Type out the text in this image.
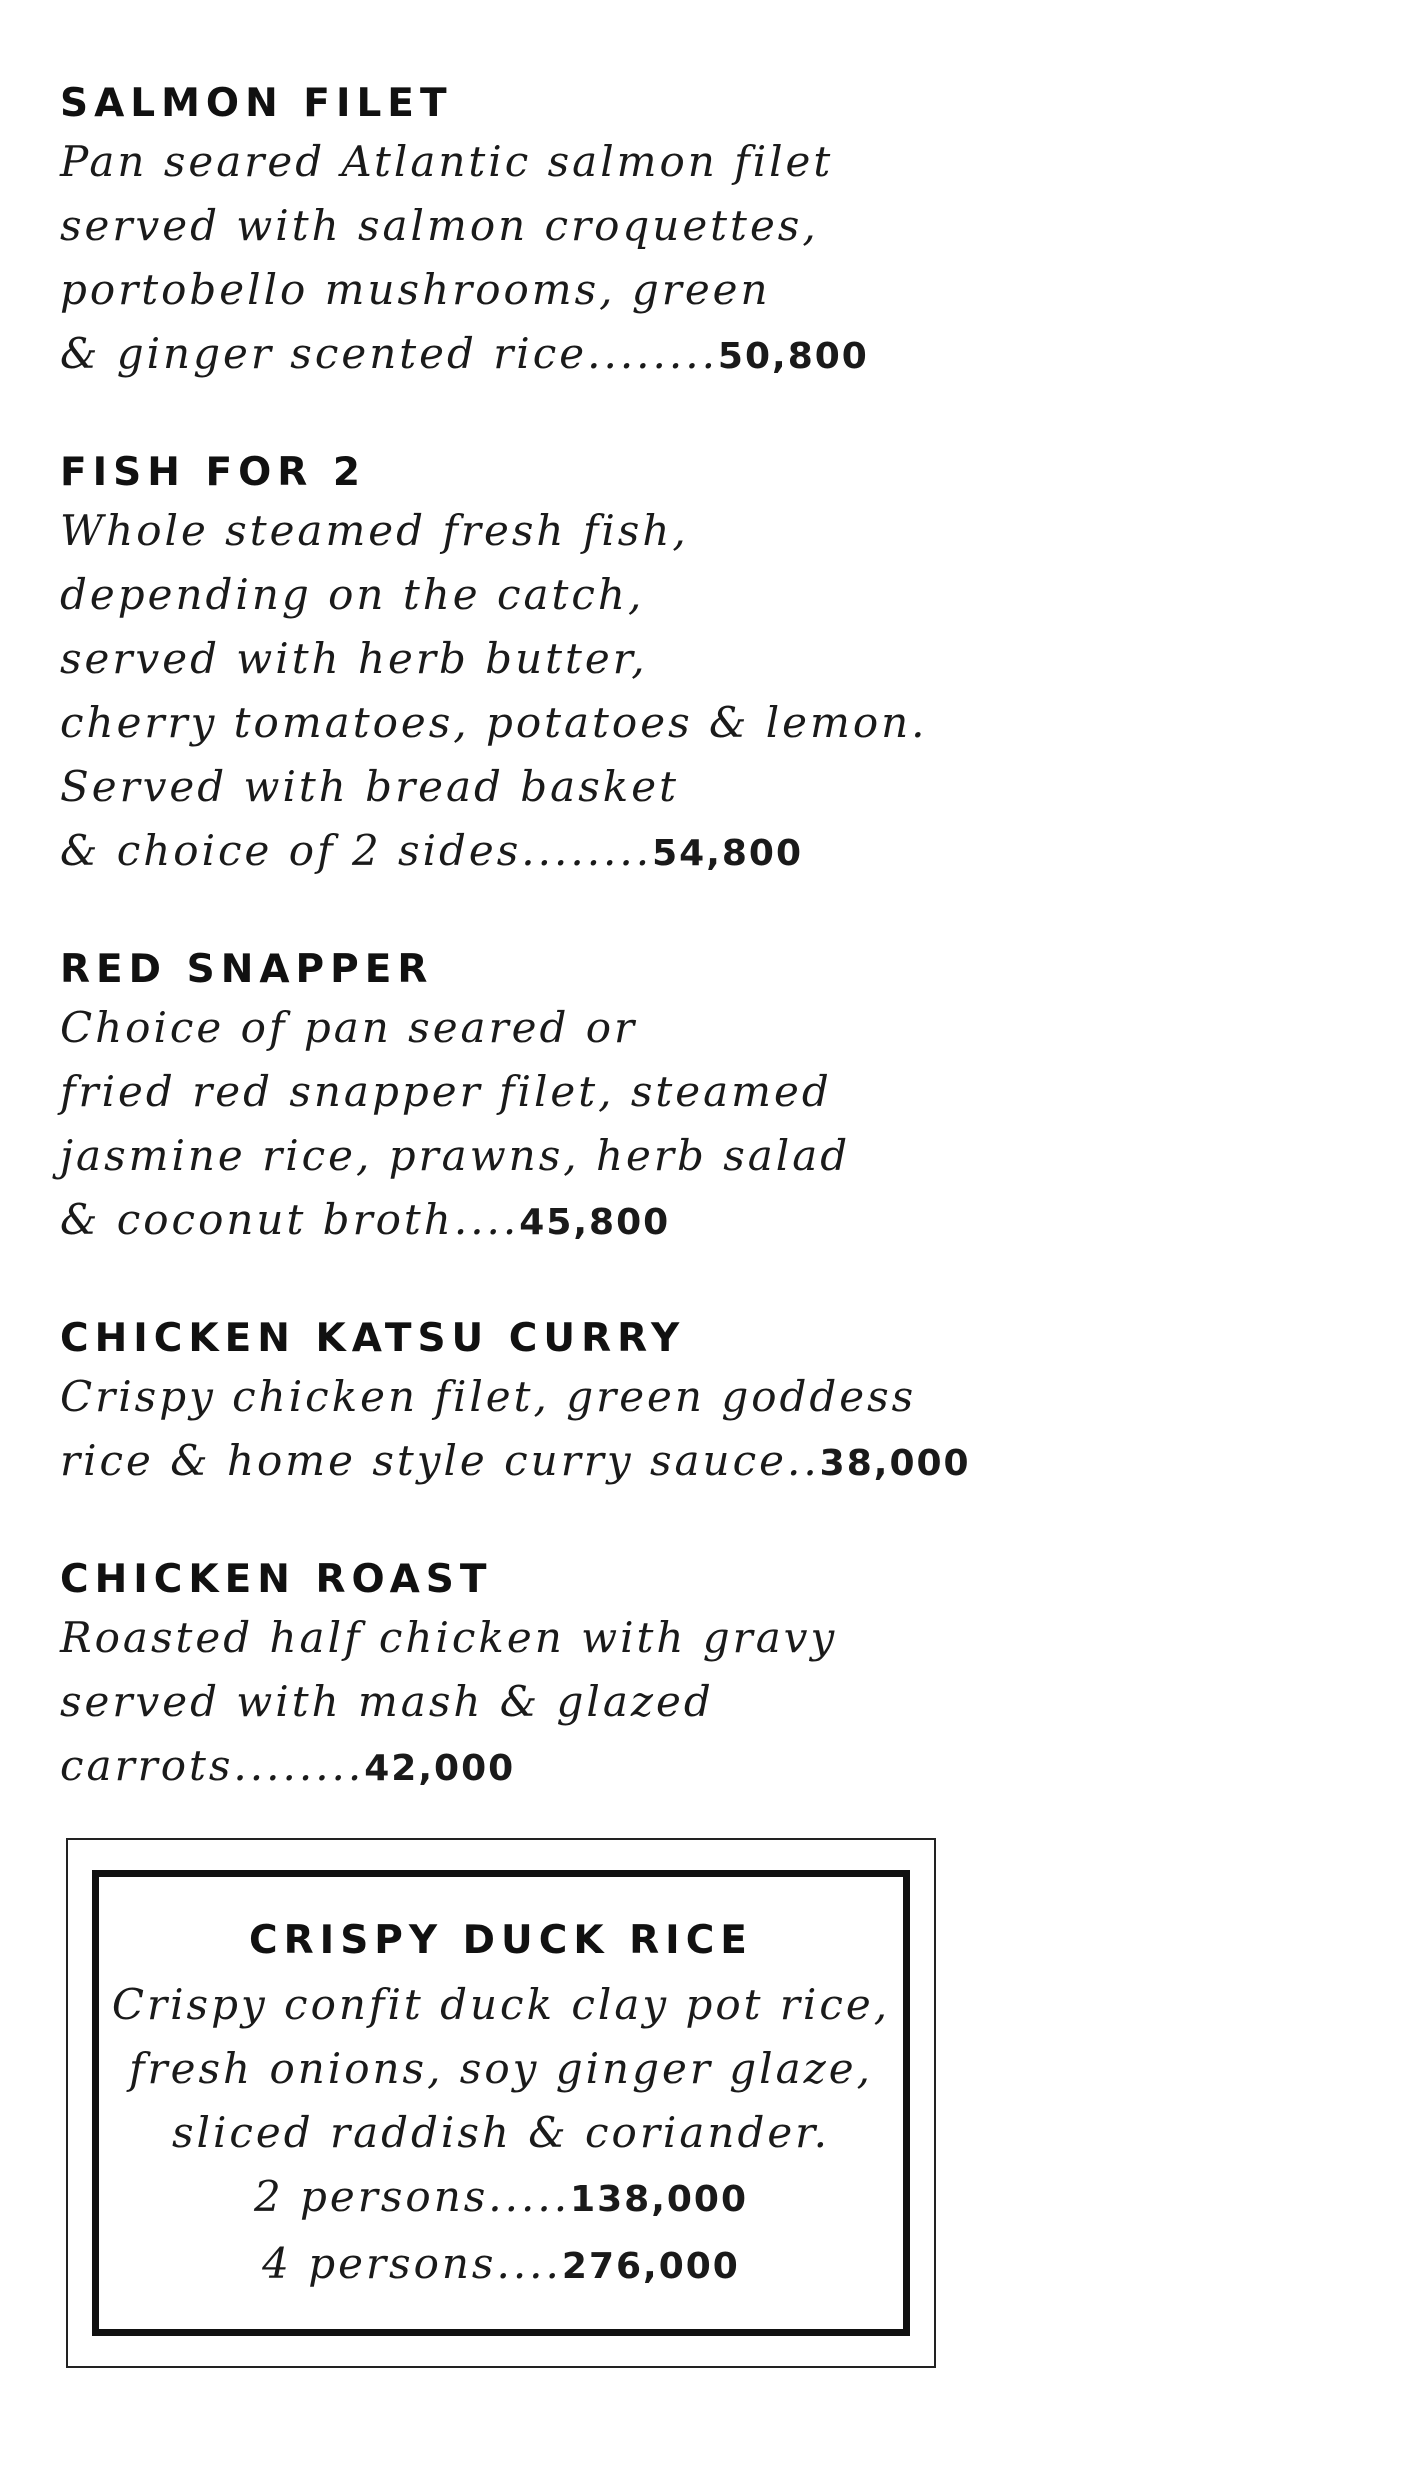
SALMON FILET

Pan seared Atlantic salmon filet
served with salmon croquettes,
portobello mushrooms, green
& ginger scented rice........50,800

FISH FOR 2

Whole steamed fresh fish,
depending on the catch,
served with herb butter,
cherry tomatoes, potatoes & lemon.
Served with bread basket
& choice of 2 sides........54,800

RED SNAPPER

Choice of pan seared or
fried red snapper filet, steamed
jasmine rice, prawns, herb salad
& coconut broth....45,800

CHICKEN KATSU CURRY

Crispy chicken filet, green goddess
rice & home style curry sauce..38,000

CHICKEN ROAST

Roasted half chicken with gravy
served with mash & glazed
carrots........42,000

CRISPY DUCK RICE

Crispy confit duck clay pot rice,
fresh onions, soy ginger glaze,
sliced raddish & coriander.
2 persons.....138,000
4 persons....276,000
